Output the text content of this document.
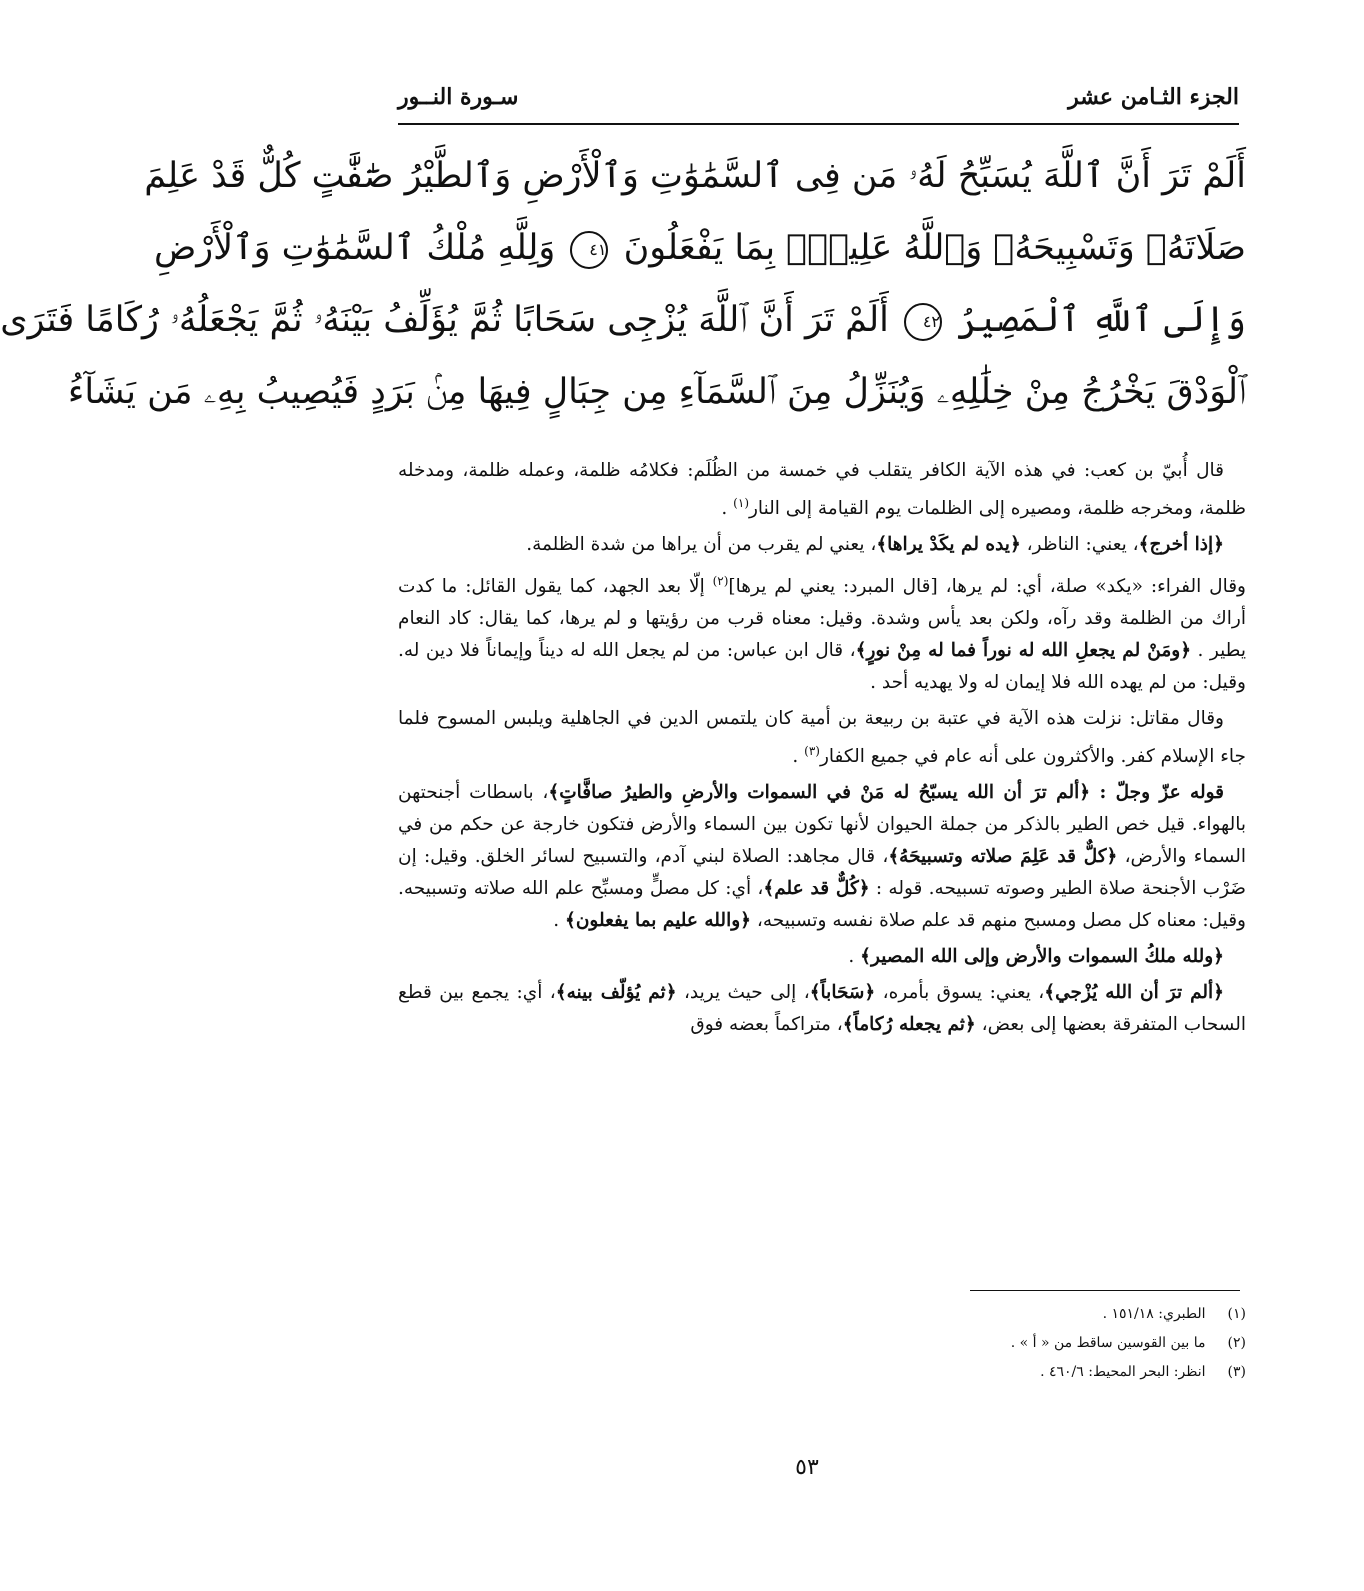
الجزء الثـامن عشر
سـورة النــور
أَلَمْ تَرَ أَنَّ ٱللَّهَ يُسَبِّحُ لَهُۥ مَن فِى ٱلسَّمَٰوَٰتِ وَٱلْأَرْضِ وَٱلطَّيْرُ صَٰٓفَّٰتٍ كُلٌّ قَدْ عَلِمَ
صَلَاتَهُۥ وَتَسْبِيحَهُۥ وَٱللَّهُ عَلِيمٌۢ بِمَا يَفْعَلُونَ ٤١ وَلِلَّهِ مُلْكُ ٱلسَّمَٰوَٰتِ وَٱلْأَرْضِ
وَإِلَى ٱللَّهِ ٱلْمَصِيرُ ٤٢ أَلَمْ تَرَ أَنَّ ٱللَّهَ يُزْجِى سَحَابًا ثُمَّ يُؤَلِّفُ بَيْنَهُۥ ثُمَّ يَجْعَلُهُۥ رُكَامًا فَتَرَى
ٱلْوَدْقَ يَخْرُجُ مِنْ خِلَٰلِهِۦ وَيُنَزِّلُ مِنَ ٱلسَّمَآءِ مِن جِبَالٍ فِيهَا مِنۢ بَرَدٍ فَيُصِيبُ بِهِۦ مَن يَشَآءُ

قال أُبيّ بن كعب: في هذه الآية الكافر يتقلب في خمسة من الظُلَم: فكلامُه ظلمة، وعمله ظلمة، ومدخله ظلمة، ومخرجه ظلمة، ومصيره إلى الظلمات يوم القيامة إلى النار$^{(١)}$ .

﴿إذا أخرج﴾، يعني: الناظر، ﴿يده لم يكَدْ يراها﴾، يعني لم يقرب من أن يراها من شدة الظلمة.

وقال الفراء: «يكد» صلة، أي: لم يرها، [قال المبرد: يعني لم يرها]$^{(٢)}$ إلّا بعد الجهد، كما يقول القائل: ما كدت أراك من الظلمة وقد رآه، ولكن بعد يأس وشدة. وقيل: معناه قرب من رؤيتها و لم يرها، كما يقال: كاد النعام يطير . ﴿ومَنْ لم يجعلِ الله له نوراً فما له مِنْ نورٍ﴾، قال ابن عباس: من لم يجعل الله له ديناً وإيماناً فلا دين له. وقيل: من لم يهده الله فلا إيمان له ولا يهديه أحد .

وقال مقاتل: نزلت هذه الآية في عتبة بن ربيعة بن أمية كان يلتمس الدين في الجاهلية ويلبس المسوح فلما جاء الإسلام كفر. والأكثرون على أنه عام في جميع الكفار$^{(٣)}$ .

قوله عزّ وجلّ : ﴿ألم ترَ أن الله يسبّحُ له مَنْ في السموات والأرضِ والطيرُ صافَّاتٍ﴾، باسطات أجنحتهن بالهواء. قيل خص الطير بالذكر من جملة الحيوان لأنها تكون بين السماء والأرض فتكون خارجة عن حكم من في السماء والأرض، ﴿كلٌّ قد عَلِمَ صلاته وتسبيحَهُ﴾، قال مجاهد: الصلاة لبني آدم، والتسبيح لسائر الخلق. وقيل: إن ضَرْب الأجنحة صلاة الطير وصوته تسبيحه. قوله : ﴿كُلٌّ قد علم﴾، أي: كل مصلٍّ ومسبِّح علم الله صلاته وتسبيحه. وقيل: معناه كل مصل ومسبح منهم قد علم صلاة نفسه وتسبيحه، ﴿والله عليم بما يفعلون﴾ .

﴿ولله ملكُ السموات والأرض وإلى الله المصير﴾ .

﴿ألم ترَ أن الله يُزْجي﴾، يعني: يسوق بأمره، ﴿سَحَاباً﴾، إلى حيث يريد، ﴿ثم يُؤلّف بينه﴾، أي: يجمع بين قطع السحاب المتفرقة بعضها إلى بعض، ﴿ثم يجعله رُكاماً﴾، متراكماً بعضه فوق

(١)
الطبري: ١٥١/١٨ .
(٢)
ما بين القوسين ساقط من « أ » .
(٣)
انظر: البحر المحيط: ٤٦٠/٦ .
٥٣
